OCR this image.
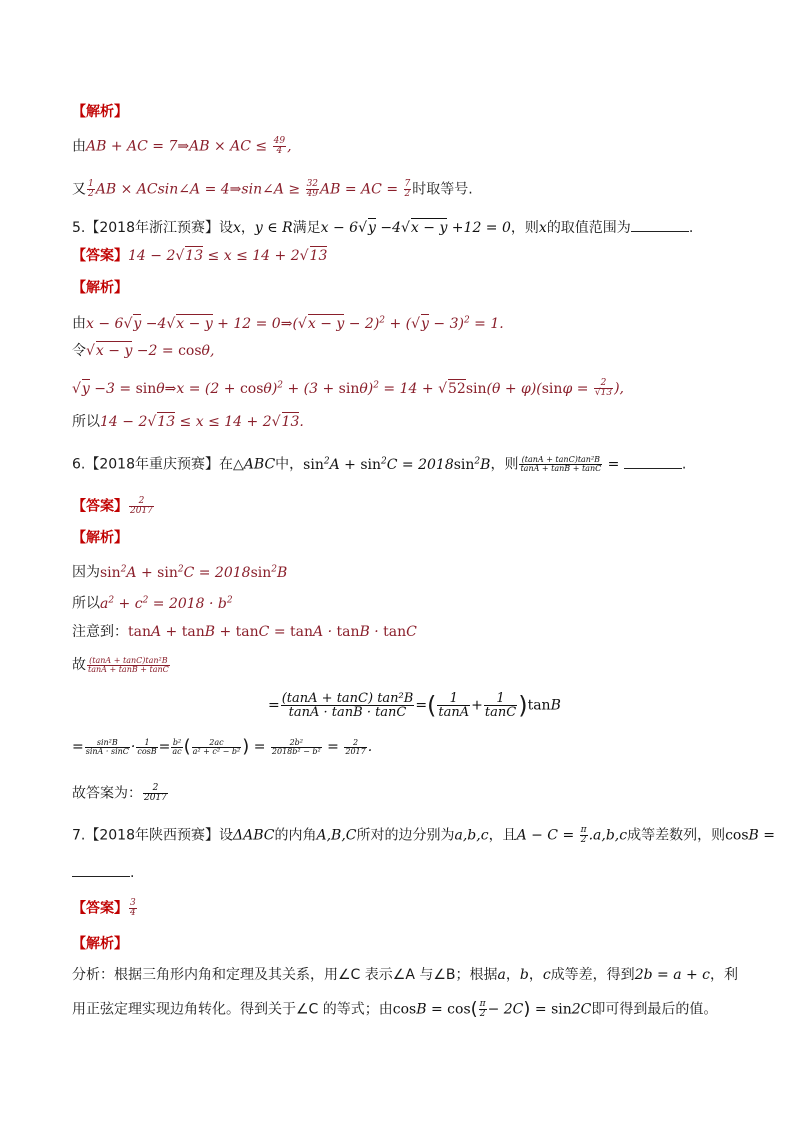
【解析】
由AB + AC = 7⇒AB × AC ≤ $\frac{49}{4}$ ,
又 $\frac{1}{2}$ AB × ACsin∠A = 4⇒sin∠A ≥ $\frac{32}{49}$ AB = AC = $\frac{7}{2}$ 时取等号.
5.【2018年浙江预赛】设x，y ∈ R满足x − 6√y −4√x − y +12 = 0，则x的取值范围为	.
【答案】14 − 2√13 ≤ x ≤ 14 + 2√13
【解析】
由x − 6√y −4√x − y + 12 = 0⇒(√x − $y - 2)^2 + (√y - 3)^2 = 1$.
令√x − y −2 = cosθ,
√y −3 = sinθ⇒x = $(2 + \cos\theta)^2 + (3 + \sin\theta)^2 = 14 + √52\sin(\theta + \varphi)(\sin\varphi = \frac{2}{√13}$ ),
所以14 − 2√13 ≤ x ≤ 14 + 2√13.
6.【2018年重庆预赛】在△ABC中，$\sin^2A + \sin^2C = 2018\sin^2B$，则 $\frac{\text{(tanA + tanC)tan²B}}{\tan A + \tan B + \tan C}$ =	.
【答案】 $\frac{2}{2017}$
【解析】
因为$\sin^2A + \sin^2C = 2018\sin^2B$
所以$a^2 + c^2 = 2018 \cdot b^2$
注意到：tanA + tanB + tanC = tanA · tanB · tanC
故 $\frac{\text{(tanA + tanC)tan²B}}{\tan A + \tan B + \tan C}$
= $\frac{\text{(tanA + tanC) tan²B}}{\tan A \cdot \tan B \cdot \tan C}$ =( $\frac{1}{\tan A} + \frac{1}{\tan C} )\tan B$
= $\frac{\text{sin²B}}{\sin A \cdot \sin C} \cdot \frac{1}{\cos B} = \frac{\text{b²}}{ac}$ ( $\frac{2ac}{\text{a² + c² − b²}}$ ) = $\frac{\text{2b²}}{\text{2018b² − b²}} = \frac{2}{2017}$ .
故答案为： $\frac{2}{2017}$
7.【2018年陕西预赛】设ΔABC的内角A,B,C所对的边分别为a,b,c，且$A - C = \frac{\pi}{2} .a,b,c$成等差数列，则cosB =
.
【答案】 $\frac{3}{4}$
【解析】
分析：根据三角形内角和定理及其关系，用∠C 表示∠A 与∠B；根据a，b，c成等差，得到2b = a + c，利
用正弦定理实现边角转化。得到关于∠C 的等式；由$\cos B = \cos( \frac{\pi}{2} - 2C) = \sin 2C$即可得到最后的值。
